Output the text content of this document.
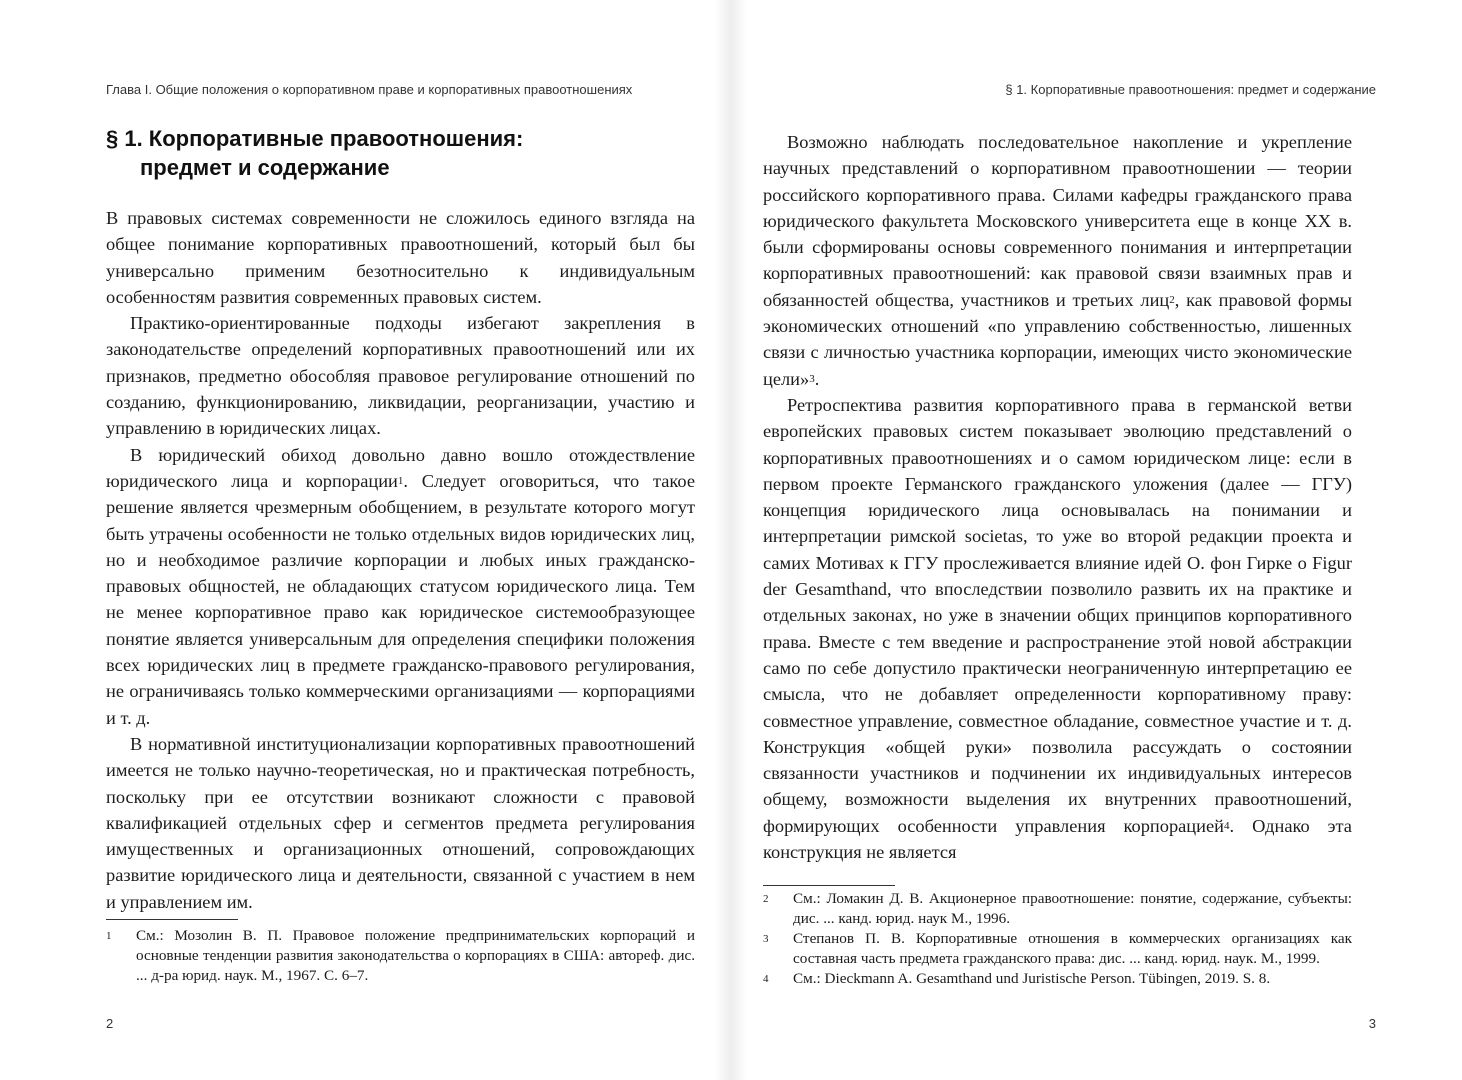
Глава I. Общие положения о корпоративном праве и корпоративных правоотношениях
§ 1. Корпоративные правоотношения:
предмет и содержание

В правовых системах современности не сложилось единого взгляда на общее понимание корпоративных правоотношений, который был бы универсально применим безотносительно к индивидуальным особенностям развития современных правовых систем.

Практико-ориентированные подходы избегают закрепления в законодательстве определений корпоративных правоотношений или их признаков, предметно обособляя правовое регулирование отношений по созданию, функционированию, ликвидации, реорганизации, участию и управлению в юридических лицах.

В юридический обиход довольно давно вошло отождествление юридического лица и корпорации$^1$. Следует оговориться, что такое решение является чрезмерным обобщением, в результате которого могут быть утрачены особенности не только отдельных видов юридических лиц, но и необходимое различие корпорации и любых иных гражданско-правовых общностей, не обладающих статусом юридического лица. Тем не менее корпоративное право как юридическое системообразующее понятие является универсальным для определения специфики положения всех юридических лиц в предмете гражданско-правового регулирования, не ограничиваясь только коммерческими организациями — корпорациями и т. д.

В нормативной институционализации корпоративных правоотношений имеется не только научно-теоретическая, но и практическая потребность, поскольку при ее отсутствии возникают сложности с правовой квалификацией отдельных сфер и сегментов предмета регулирования имущественных и организационных отношений, сопровождающих развитие юридического лица и деятельности, связанной с участием в нем и управлением им.

1 См.: Мозолин В. П. Правовое положение предпринимательских корпораций и основные тенденции развития законодательства о корпорациях в США: автореф. дис. ... д-ра юрид. наук. М., 1967. С. 6–7.
2
§ 1. Корпоративные правоотношения: предмет и содержание

Возможно наблюдать последовательное накопление и укрепление научных представлений о корпоративном правоотношении — теории российского корпоративного права. Силами кафедры гражданского права юридического факультета Московского университета еще в конце XX в. были сформированы основы современного понимания и интерпретации корпоративных правоотношений: как правовой связи взаимных прав и обязанностей общества, участников и третьих лиц$^2$, как правовой формы экономических отношений «по управлению собственностью, лишенных связи с личностью участника корпорации, имеющих чисто экономические цели»$^3$.

Ретроспектива развития корпоративного права в германской ветви европейских правовых систем показывает эволюцию представлений о корпоративных правоотношениях и о самом юридическом лице: если в первом проекте Германского гражданского уложения (далее — ГГУ) концепция юридического лица основывалась на понимании и интерпретации римской societas, то уже во второй редакции проекта и самих Мотивах к ГГУ прослеживается влияние идей О. фон Гирке о Figur der Gesamthand, что впоследствии позволило развить их на практике и отдельных законах, но уже в значении общих принципов корпоративного права. Вместе с тем введение и распространение этой новой абстракции само по себе допустило практически неограниченную интерпретацию ее смысла, что не добавляет определенности корпоративному праву: совместное управление, совместное обладание, совместное участие и т. д. Конструкция «общей руки» позволила рассуждать о состоянии связанности участников и подчинении их индивидуальных интересов общему, возможности выделения их внутренних правоотношений, формирующих особенности управления корпорацией$^4$. Однако эта конструкция не является

2 См.: Ломакин Д. В. Акционерное правоотношение: понятие, содержание, субъекты: дис. ... канд. юрид. наук М., 1996.
3 Степанов П. В. Корпоративные отношения в коммерческих организациях как составная часть предмета гражданского права: дис. ... канд. юрид. наук. М., 1999.
4 См.: Dieckmann A. Gesamthand und Juristische Person. Tübingen, 2019. S. 8.
3
